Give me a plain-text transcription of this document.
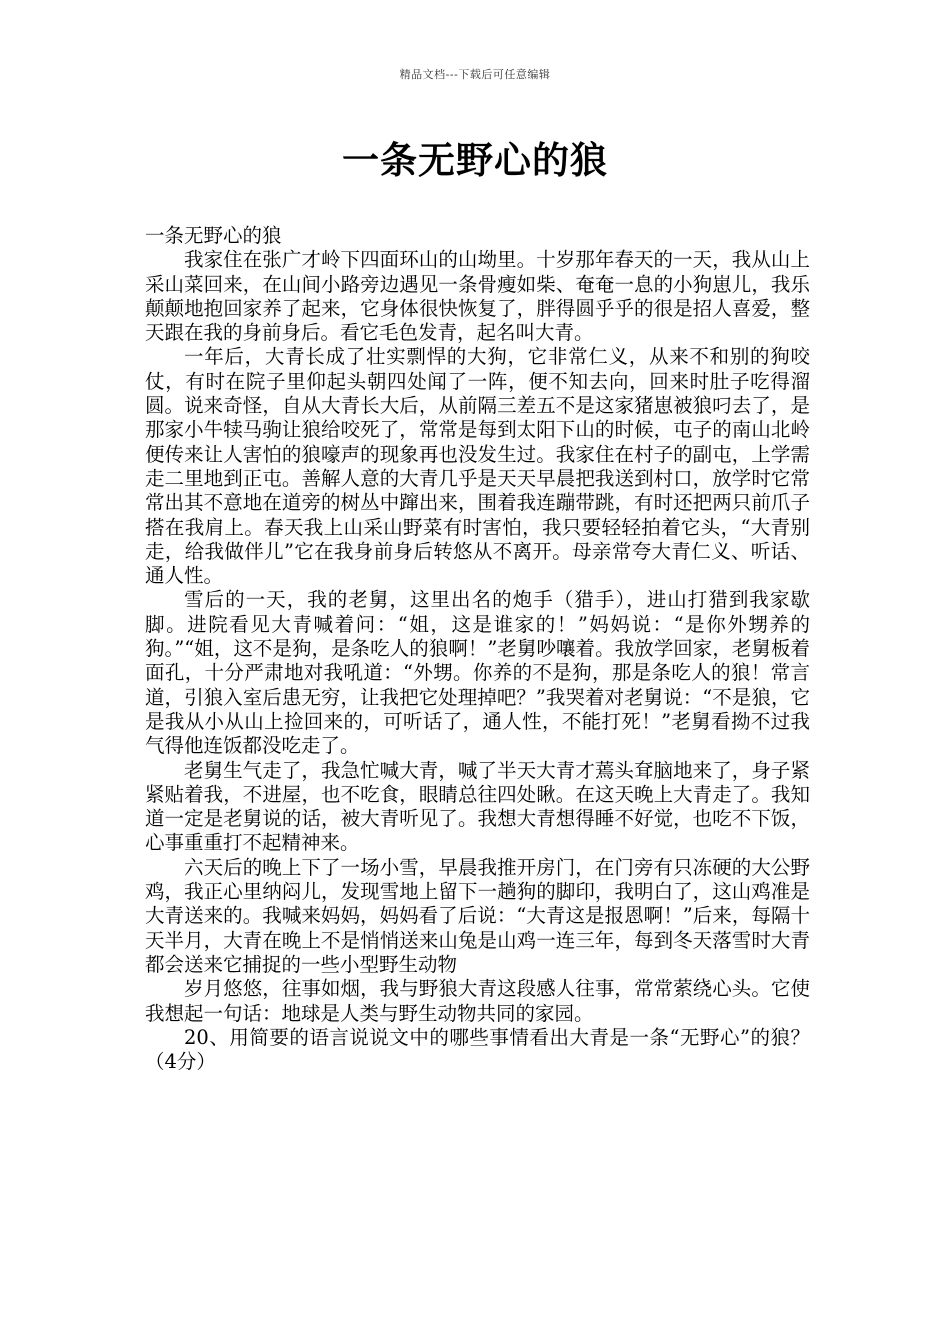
精品文档---下载后可任意编辑
一条无野心的狼

一条无野心的狼

我家住在张广才岭下四面环山的山坳里。十岁那年春天的一天，我从山上采山菜回来，在山间小路旁边遇见一条骨瘦如柴、奄奄一息的小狗崽儿，我乐颠颠地抱回家养了起来，它身体很快恢复了，胖得圆乎乎的很是招人喜爱，整天跟在我的身前身后。看它毛色发青，起名叫大青。

一年后，大青长成了壮实剽悍的大狗，它非常仁义，从来不和别的狗咬仗，有时在院子里仰起头朝四处闻了一阵，便不知去向，回来时肚子吃得溜圆。说来奇怪，自从大青长大后，从前隔三差五不是这家猪崽被狼叼去了，是那家小牛犊马驹让狼给咬死了，常常是每到太阳下山的时候，屯子的南山北岭便传来让人害怕的狼嚎声的现象再也没发生过。我家住在村子的副屯，上学需走二里地到正屯。善解人意的大青几乎是天天早晨把我送到村口，放学时它常常出其不意地在道旁的树丛中蹿出来，围着我连蹦带跳，有时还把两只前爪子搭在我肩上。春天我上山采山野菜有时害怕，我只要轻轻拍着它头，“大青别走，给我做伴儿”它在我身前身后转悠从不离开。母亲常夸大青仁义、听话、通人性。

雪后的一天，我的老舅，这里出名的炮手（猎手），进山打猎到我家歇脚。进院看见大青喊着问：“姐，这是谁家的！”妈妈说：“是你外甥养的狗。”“姐，这不是狗，是条吃人的狼啊！”老舅吵嚷着。我放学回家，老舅板着面孔，十分严肃地对我吼道：“外甥。你养的不是狗，那是条吃人的狼！常言道，引狼入室后患无穷，让我把它处理掉吧？”我哭着对老舅说：“不是狼，它是我从小从山上捡回来的，可听话了，通人性，不能打死！”老舅看拗不过我气得他连饭都没吃走了。

老舅生气走了，我急忙喊大青，喊了半天大青才蔫头耷脑地来了，身子紧紧贴着我，不进屋，也不吃食，眼睛总往四处瞅。在这天晚上大青走了。我知道一定是老舅说的话，被大青听见了。我想大青想得睡不好觉，也吃不下饭，心事重重打不起精神来。

六天后的晚上下了一场小雪，早晨我推开房门，在门旁有只冻硬的大公野鸡，我正心里纳闷儿，发现雪地上留下一趟狗的脚印，我明白了，这山鸡准是大青送来的。我喊来妈妈，妈妈看了后说：“大青这是报恩啊！”后来，每隔十天半月，大青在晚上不是悄悄送来山兔是山鸡一连三年，每到冬天落雪时大青都会送来它捕捉的一些小型野生动物

岁月悠悠，往事如烟，我与野狼大青这段感人往事，常常萦绕心头。它使我想起一句话：地球是人类与野生动物共同的家园。

20、用简要的语言说说文中的哪些事情看出大青是一条“无野心”的狼？（4分）
